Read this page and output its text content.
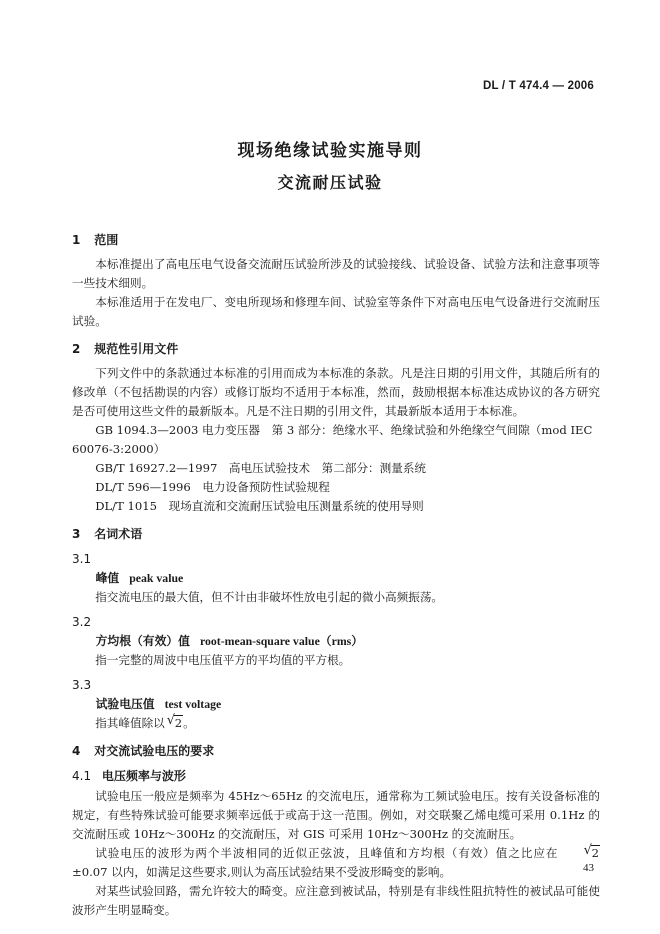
DL / T 474.4 — 2006
现场绝缘试验实施导则
交流耐压试验
1 范围

本标准提出了高电压电气设备交流耐压试验所涉及的试验接线、试验设备、试验方法和注意事项等一些技术细则。

本标准适用于在发电厂、变电所现场和修理车间、试验室等条件下对高电压电气设备进行交流耐压试验。

2 规范性引用文件

下列文件中的条款通过本标准的引用而成为本标准的条款。凡是注日期的引用文件，其随后所有的修改单（不包括勘误的内容）或修订版均不适用于本标准，然而，鼓励根据本标准达成协议的各方研究是否可使用这些文件的最新版本。凡是不注日期的引用文件，其最新版本适用于本标准。

GB 1094.3—2003 电力变压器　第 3 部分：绝缘水平、绝缘试验和外绝缘空气间隙（mod IEC 60076-3:2000）

GB/T 16927.2—1997　高电压试验技术　第二部分：测量系统

DL/T 596—1996　电力设备预防性试验规程

DL/T 1015　现场直流和交流耐压试验电压测量系统的使用导则

3 名词术语
3.1
峰值 peak value
指交流电压的最大值，但不计由非破坏性放电引起的微小高频振荡。
3.2
方均根（有效）值 root-mean-square value（rms）
指一完整的周波中电压值平方的平均值的平方根。
3.3
试验电压值 test voltage
指其峰值除以 √ 2。
4 对交流试验电压的要求
4.1 电压频率与波形

试验电压一般应是频率为 45Hz～65Hz 的交流电压，通常称为工频试验电压。按有关设备标准的规定，有些特殊试验可能要求频率远低于或高于这一范围。例如，对交联聚乙烯电缆可采用 0.1Hz 的交流耐压或 10Hz～300Hz 的交流耐压，对 GIS 可采用 10Hz～300Hz 的交流耐压。

试验电压的波形为两个半波相同的近似正弦波，且峰值和方均根（有效）值之比应在	√ 2±0.07 以内，如满足这些要求,则认为高压试验结果不受波形畸变的影响。

对某些试验回路，需允许较大的畸变。应注意到被试品，特别是有非线性阻抗特性的被试品可能使波形产生明显畸变。

43
